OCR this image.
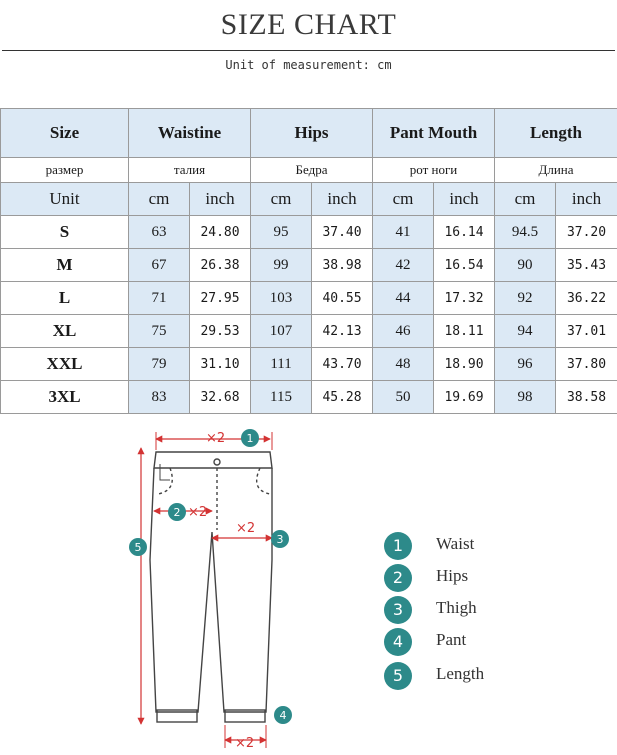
SIZE CHART
Unit of measurement: cm
Size	Waistine		Hips		Pant Mouth		Length	
размер	талия		Бедра		рот ноги		Длина	
Unit	cm	inch	cm	inch	cm	inch	cm	inch
S	63	24.80	95	37.40	41	16.14	94.5	37.20
M	67	26.38	99	38.98	42	16.54	90	35.43
L	71	27.95	103	40.55	44	17.32	92	36.22
XL	75	29.53	107	42.13	46	18.11	94	37.01
XXL	79	31.10	111	43.70	48	18.90	96	37.80
3XL	83	32.68	115	45.28	50	19.69	98	38.58
×2 1
2 ×2
×2
3
5
×2
4
1	Waist
2	Hips
3	Thigh
4	Pant
5	Length
